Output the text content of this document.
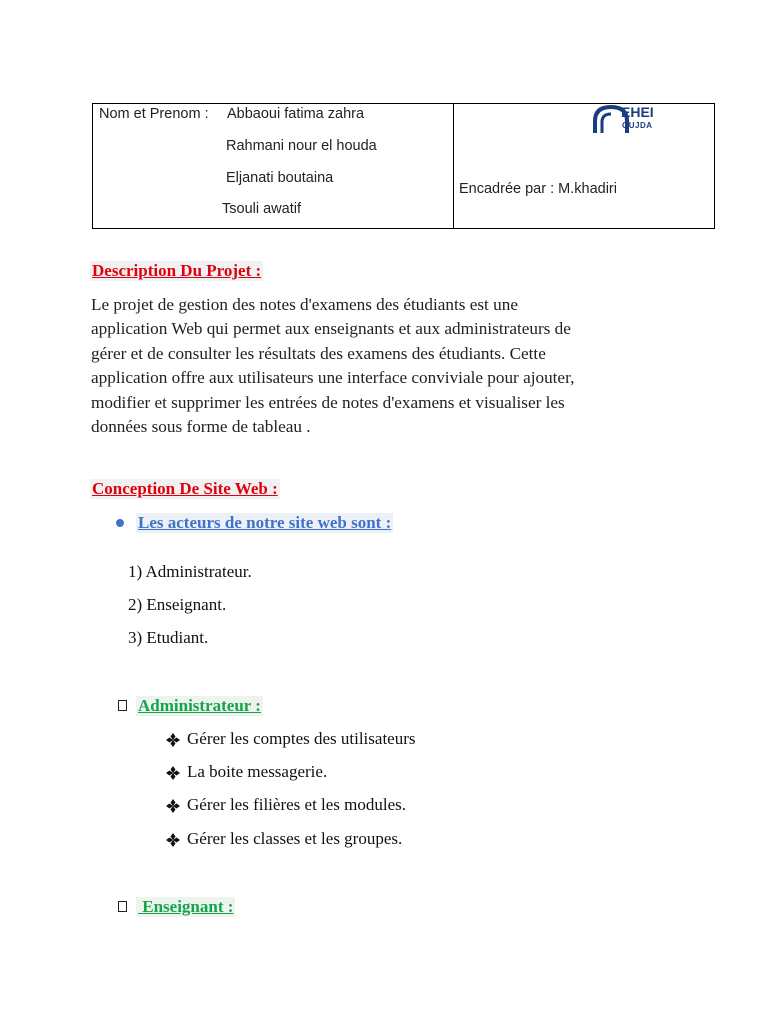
Nom et Prenom : Abbaoui fatima zahra
Rahmani nour el houda
Eljanati boutaina
Tsouli awatif
Encadrée par : M.khadiri
EHEI
OUJDA
Description Du Projet :
Le projet de gestion des notes d'examens des étudiants est une
application Web qui permet aux enseignants et aux administrateurs de
gérer et de consulter les résultats des examens des étudiants. Cette
application offre aux utilisateurs une interface conviviale pour ajouter,
modifier et supprimer les entrées de notes d'examens et visualiser les
données sous forme de tableau .
Conception De Site Web :
Les acteurs de notre site web sont :
1) Administrateur.
2) Enseignant.
3) Etudiant.
Administrateur :
Gérer les comptes des utilisateurs
La boite messagerie.
Gérer les filières et les modules.
Gérer les classes et les groupes.
Enseignant :
